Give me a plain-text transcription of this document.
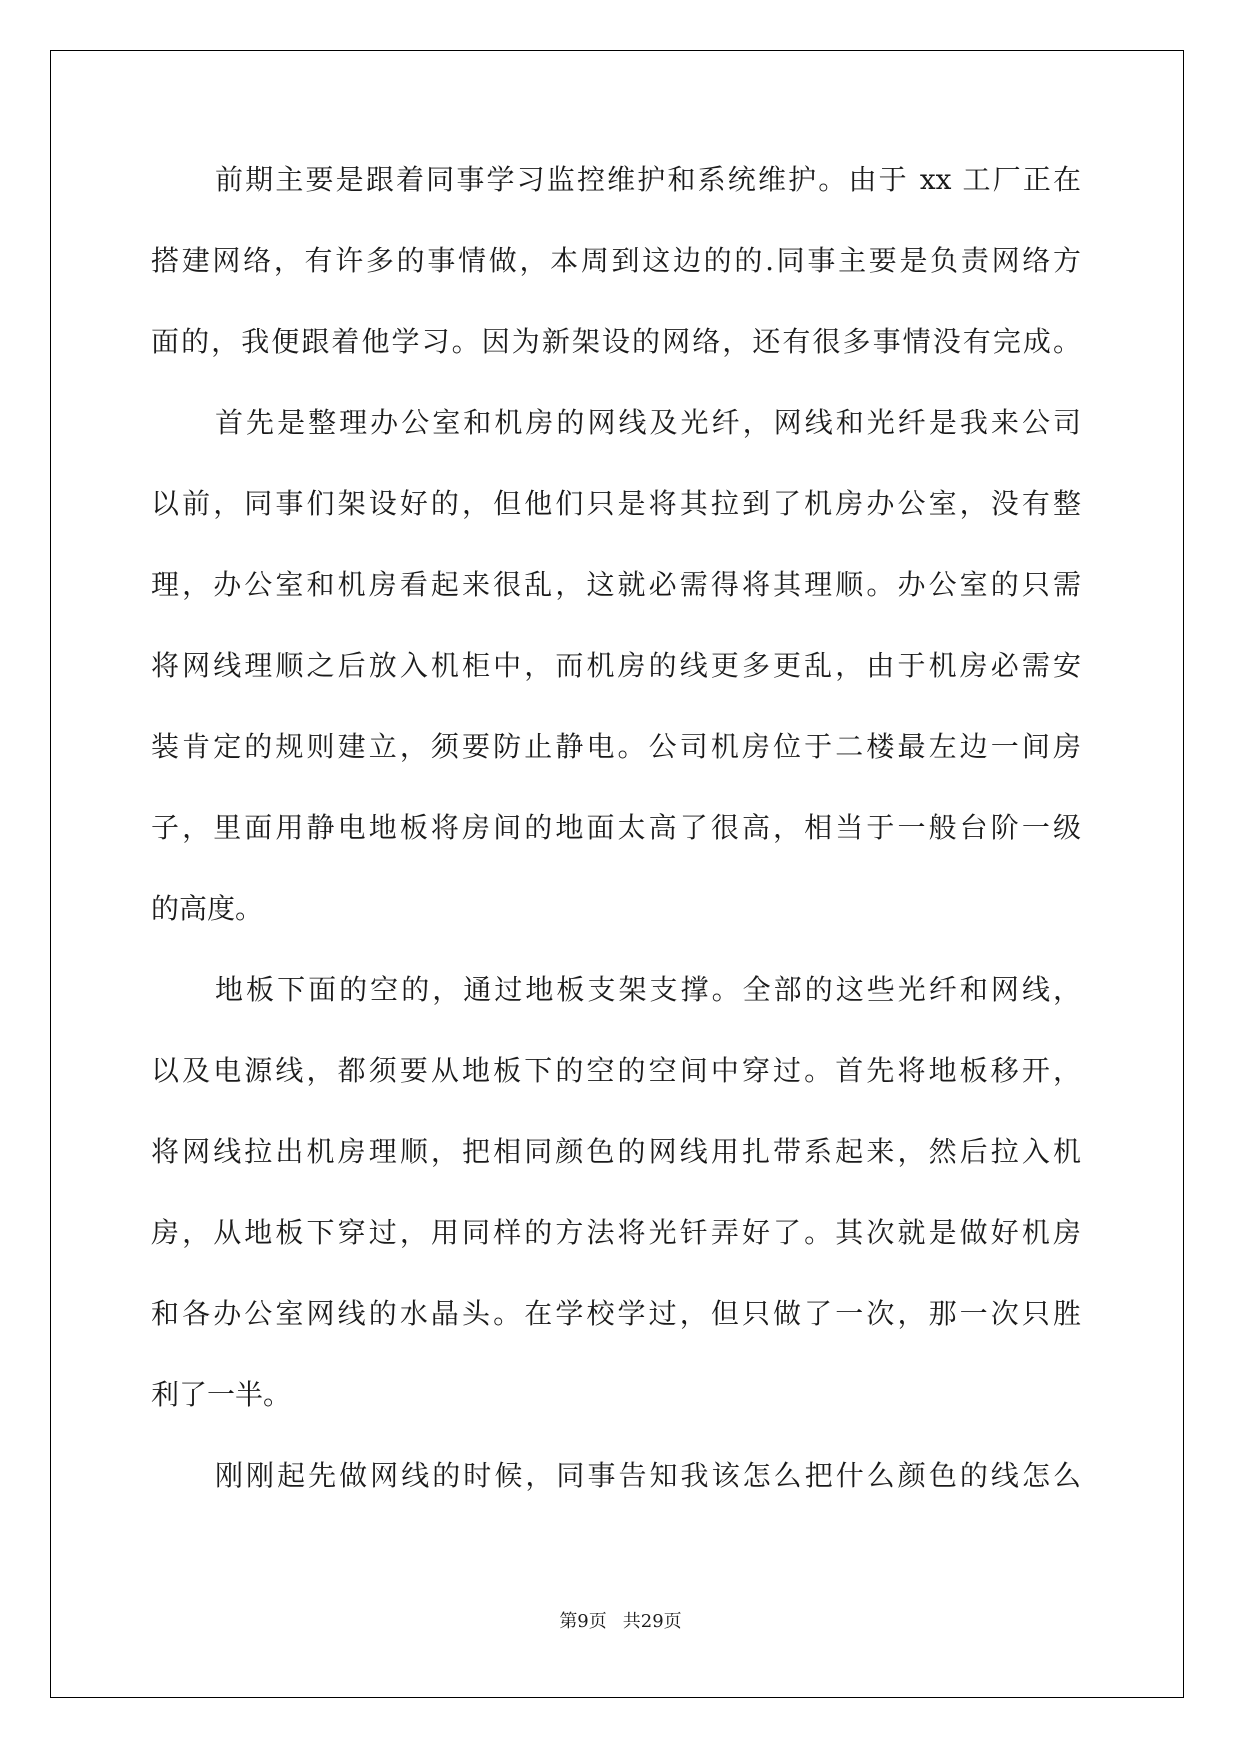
前期主要是跟着同事学习监控维护和系统维护。由于 xx 工厂正在
搭建网络，有许多的事情做，本周到这边的的.同事主要是负责网络方
面的，我便跟着他学习。因为新架设的网络，还有很多事情没有完成。
首先是整理办公室和机房的网线及光纤，网线和光纤是我来公司
以前，同事们架设好的，但他们只是将其拉到了机房办公室，没有整
理，办公室和机房看起来很乱，这就必需得将其理顺。办公室的只需
将网线理顺之后放入机柜中，而机房的线更多更乱，由于机房必需安
装肯定的规则建立，须要防止静电。公司机房位于二楼最左边一间房
子，里面用静电地板将房间的地面太高了很高，相当于一般台阶一级
的高度。
地板下面的空的，通过地板支架支撑。全部的这些光纤和网线，
以及电源线，都须要从地板下的空的空间中穿过。首先将地板移开，
将网线拉出机房理顺，把相同颜色的网线用扎带系起来，然后拉入机
房，从地板下穿过，用同样的方法将光钎弄好了。其次就是做好机房
和各办公室网线的水晶头。在学校学过，但只做了一次，那一次只胜
利了一半。
刚刚起先做网线的时候，同事告知我该怎么把什么颜色的线怎么
第9页 共29页
